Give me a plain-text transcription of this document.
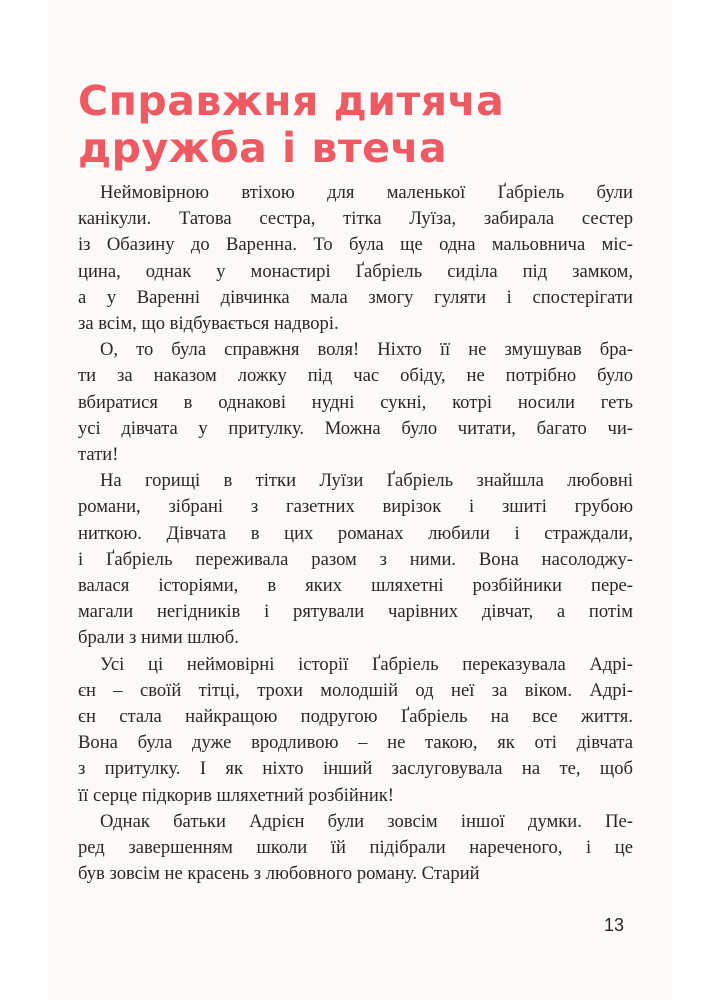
Справжня дитяча
дружба і втеча

Неймовірною втіхою для маленької Ґабріель були
канікули. Татова сестра, тітка Луїза, забирала сестер
із Обазину до Варенна. То була ще одна мальовнича міс-
цина, однак у монастирі Ґабріель сиділа під замком,
а у Варенні дівчинка мала змогу гуляти і спостерігати
за всім, що відбувається надворі.

О, то була справжня воля! Ніхто її не змушував бра-
ти за наказом ложку під час обіду, не потрібно було
вбиратися в однакові нудні сукні, котрі носили геть
усі дівчата у притулку. Можна було читати, багато чи-
тати!

На горищі в тітки Луїзи Ґабріель знайшла любовні
романи, зібрані з газетних вирізок і зшиті грубою
ниткою. Дівчата в цих романах любили і страждали,
і Ґабріель переживала разом з ними. Вона насолоджу-
валася історіями, в яких шляхетні розбійники пере-
магали негідників і рятували чарівних дівчат, а потім
брали з ними шлюб.

Усі ці неймовірні історії Ґабріель переказувала Адрі-
єн – своїй тітці, трохи молодшій од неї за віком. Адрі-
єн стала найкращою подругою Ґабріель на все життя.
Вона була дуже вродливою – не такою, як оті дівчата
з притулку. І як ніхто інший заслуговувала на те, щоб
її серце підкорив шляхетний розбійник!

Однак батьки Адрієн були зовсім іншої думки. Пе-
ред завершенням школи їй підібрали нареченого, і це
був зовсім не красень з любовного роману. Старий

13
